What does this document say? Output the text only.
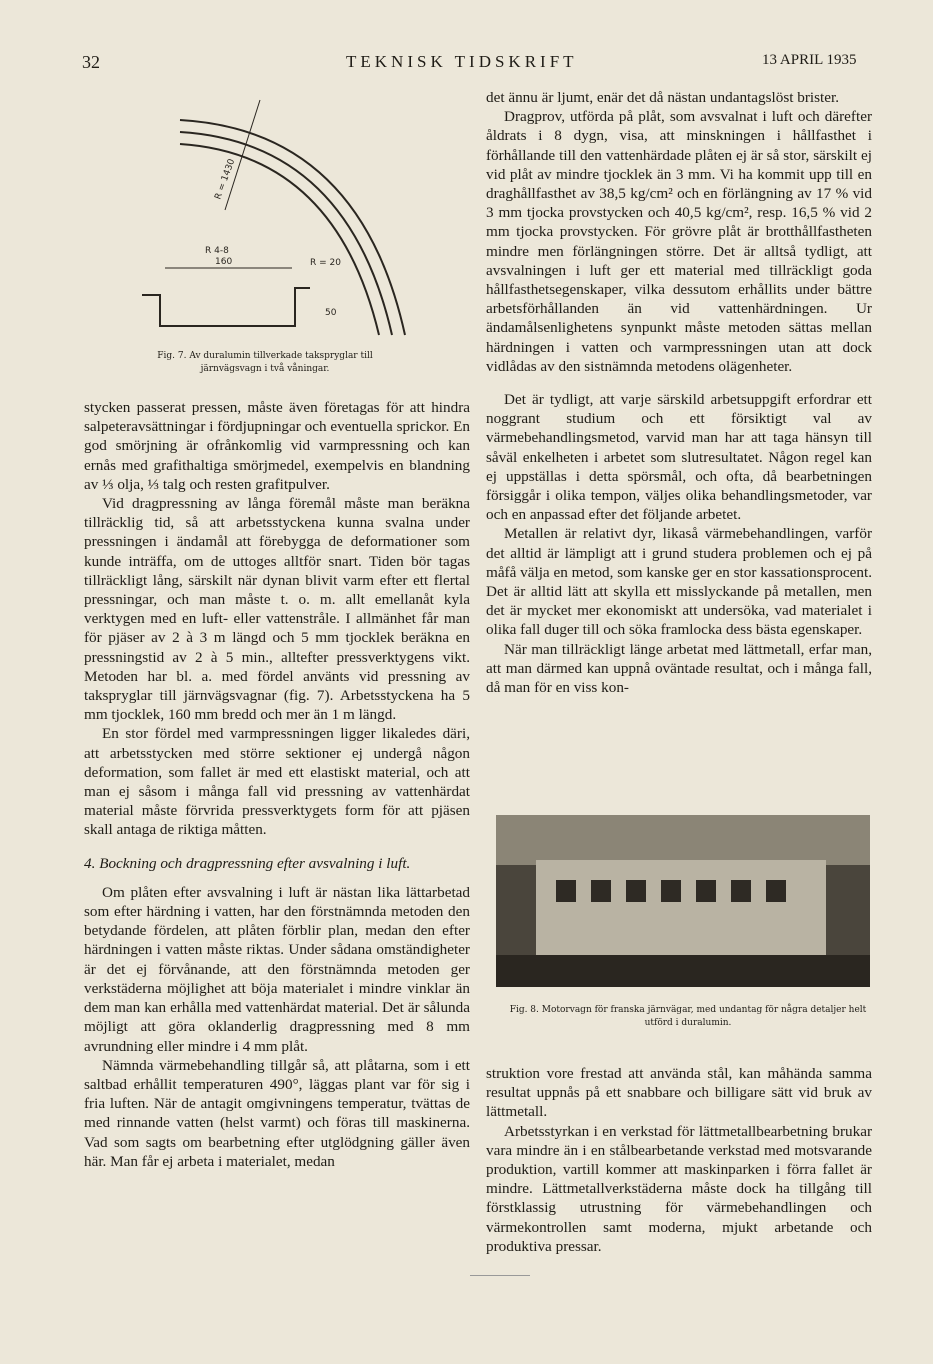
32	TEKNISK TIDSKRIFT	13 APRIL 1935
160
50
R 4-8
R = 1430
R = 20
Fig. 7. Av duralumin tillverkade takspryglar till järnvägsvagn i två våningar.

stycken passerat pressen, måste även företagas för att hindra salpeteravsättningar i fördjupningar och eventuella sprickor. En god smörjning är ofrånkomlig vid varmpressning och kan ernås med grafithaltiga smörjmedel, exempelvis en blandning av ⅓ olja, ⅓ talg och resten grafitpulver.

Vid dragpressning av långa föremål måste man beräkna tillräcklig tid, så att arbetsstyckena kunna svalna under pressningen i ändamål att förebygga de deformationer som kunde inträffa, om de uttoges alltför snart. Tiden bör tagas tillräckligt lång, särskilt när dynan blivit varm efter ett flertal pressningar, och man måste t. o. m. allt emellanåt kyla verktygen med en luft- eller vattenstråle. I allmänhet får man för pjäser av 2 à 3 m längd och 5 mm tjocklek beräkna en pressningstid av 2 à 5 min., alltefter pressverktygens vikt. Metoden har bl. a. med fördel använts vid pressning av takspryglar till järnvägsvagnar (fig. 7). Arbetsstyckena ha 5 mm tjocklek, 160 mm bredd och mer än 1 m längd.

En stor fördel med varmpressningen ligger likaledes däri, att arbetsstycken med större sektioner ej undergå någon deformation, som fallet är med ett elastiskt material, och att man ej såsom i många fall vid pressning av vattenhärdat material måste förvrida pressverktygets form för att pjäsen skall antaga de riktiga måtten.

4. Bockning och dragpressning efter avsvalning i luft.

Om plåten efter avsvalning i luft är nästan lika lättarbetad som efter härdning i vatten, har den förstnämnda metoden den betydande fördelen, att plåten förblir plan, medan den efter härdningen i vatten måste riktas. Under sådana omständigheter är det ej förvånande, att den förstnämnda metoden ger verkstäderna möjlighet att böja materialet i mindre vinklar än dem man kan erhålla med vattenhärdat material. Det är sålunda möjligt att göra oklanderlig dragpressning med 8 mm avrundning eller mindre i 4 mm plåt.

Nämnda värmebehandling tillgår så, att plåtarna, som i ett saltbad erhållit temperaturen 490°, läggas plant var för sig i fria luften. När de antagit omgivningens temperatur, tvättas de med rinnande vatten (helst varmt) och föras till maskinerna. Vad som sagts om bearbetning efter utglödgning gäller även här. Man får ej arbeta i materialet, medan

det ännu är ljumt, enär det då nästan undantagslöst brister.

Dragprov, utförda på plåt, som avsvalnat i luft och därefter åldrats i 8 dygn, visa, att minskningen i hållfasthet i förhållande till den vattenhärdade plåten ej är så stor, särskilt ej vid plåt av mindre tjocklek än 3 mm. Vi ha kommit upp till en draghållfasthet av 38,5 kg/cm² och en förlängning av 17 % vid 3 mm tjocka provstycken och 40,5 kg/cm², resp. 16,5 % vid 2 mm tjocka provstycken. För grövre plåt är brotthållfastheten mindre men förlängningen större. Det är alltså tydligt, att avsvalningen i luft ger ett material med tillräckligt goda hållfasthetsegenskaper, vilka dessutom erhållits under bättre arbetsförhållanden än vid vattenhärdningen. Ur ändamålsenlighetens synpunkt måste metoden sättas mellan härdningen i vatten och varmpressningen utan att dock vidlådas av den sistnämnda metodens olägenheter.

Det är tydligt, att varje särskild arbetsuppgift erfordrar ett noggrant studium och ett försiktigt val av värmebehandlingsmetod, varvid man har att taga hänsyn till såväl enkelheten i arbetet som slutresultatet. Någon regel kan ej uppställas i detta spörsmål, och ofta, då bearbetningen försiggår i olika tempon, väljes olika behandlingsmetoder, var och en anpassad efter det följande arbetet.

Metallen är relativt dyr, likaså värmebehandlingen, varför det alltid är lämpligt att i grund studera problemen och ej på måfå välja en metod, som kanske ger en stor kassationsprocent. Det är alltid lätt att skylla ett misslyckande på metallen, men det är mycket mer ekonomiskt att undersöka, vad materialet i olika fall duger till och söka framlocka dess bästa egenskaper.

När man tillräckligt länge arbetat med lättmetall, erfar man, att man därmed kan uppnå oväntade resultat, och i många fall, då man för en viss kon-

Fig. 8. Motorvagn för franska järnvägar, med undantag för några detaljer helt utförd i duralumin.

struktion vore frestad att använda stål, kan måhända samma resultat uppnås på ett snabbare och billigare sätt vid bruk av lättmetall.

Arbetsstyrkan i en verkstad för lättmetallbearbetning brukar vara mindre än i en stålbearbetande verkstad med motsvarande produktion, vartill kommer att maskinparken i förra fallet är mindre. Lättmetallverkstäderna måste dock ha tillgång till förstklassig utrustning för värmebehandlingen och värmekontrollen samt moderna, mjukt arbetande och produktiva pressar.
